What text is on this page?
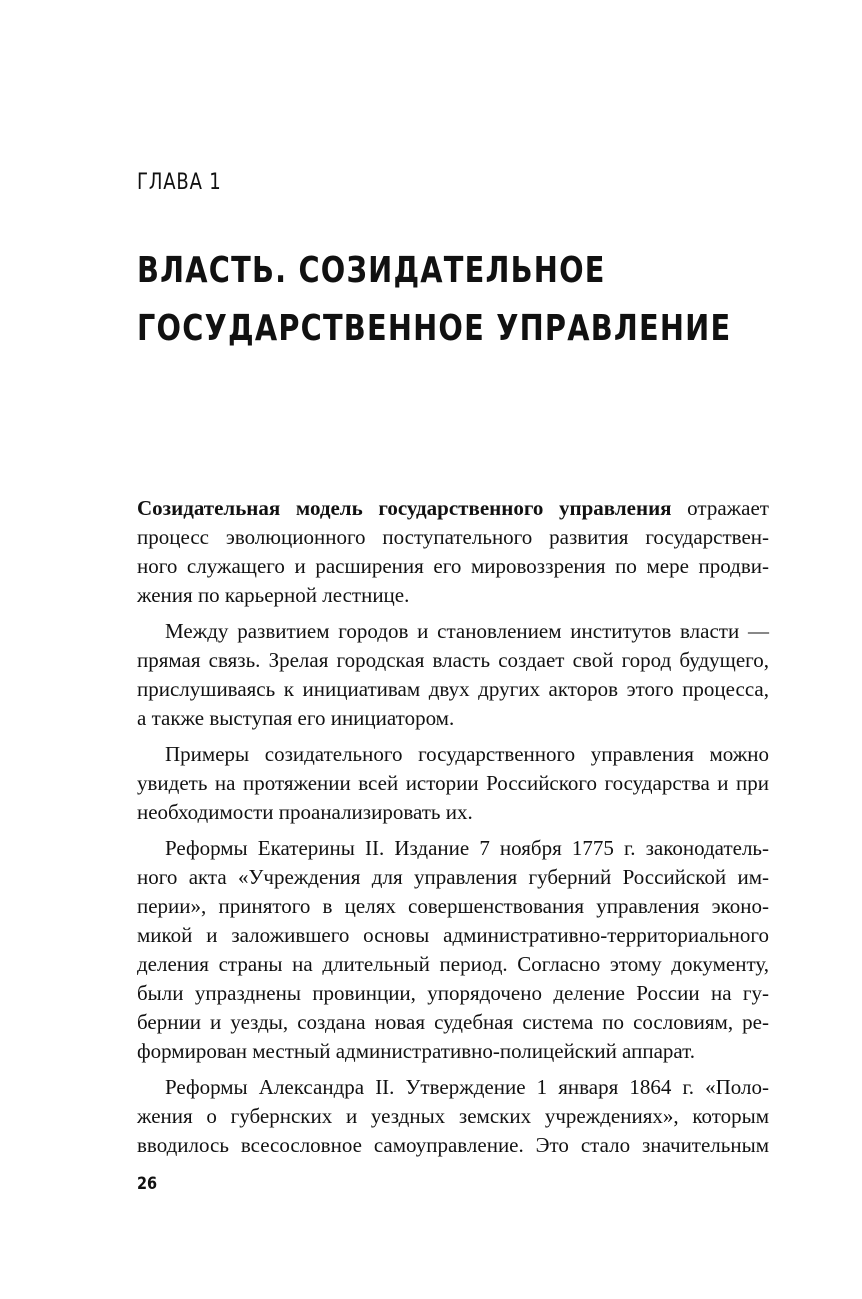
ГЛАВА 1
ВЛАСТЬ. СОЗИДАТЕЛЬНОЕ
ГОСУДАРСТВЕННОЕ УПРАВЛЕНИЕ

Созидательная модель государственного управления отражает
процесс эволюционного поступательного развития государствен-
ного служащего и расширения его мировоззрения по мере продви-
жения по карьерной лестнице.

Между развитием городов и становлением институтов власти —
прямая связь. Зрелая городская власть создает свой город будущего,
прислушиваясь к инициативам двух других акторов этого процесса,
а также выступая его инициатором.

Примеры созидательного государственного управления можно
увидеть на протяжении всей истории Российского государства и при
необходимости проанализировать их.

Реформы Екатерины II. Издание 7 ноября 1775 г. законодатель-
ного акта «Учреждения для управления губерний Российской им-
перии», принятого в целях совершенствования управления эконо-
микой и заложившего основы административно-территориального
деления страны на длительный период. Согласно этому документу,
были упразднены провинции, упорядочено деление России на гу-
бернии и уезды, создана новая судебная система по сословиям, ре-
формирован местный административно-полицейский аппарат.

Реформы Александра II. Утверждение 1 января 1864 г. «Поло-
жения о губернских и уездных земских учреждениях», которым
вводилось всесословное самоуправление. Это стало значительным

26
